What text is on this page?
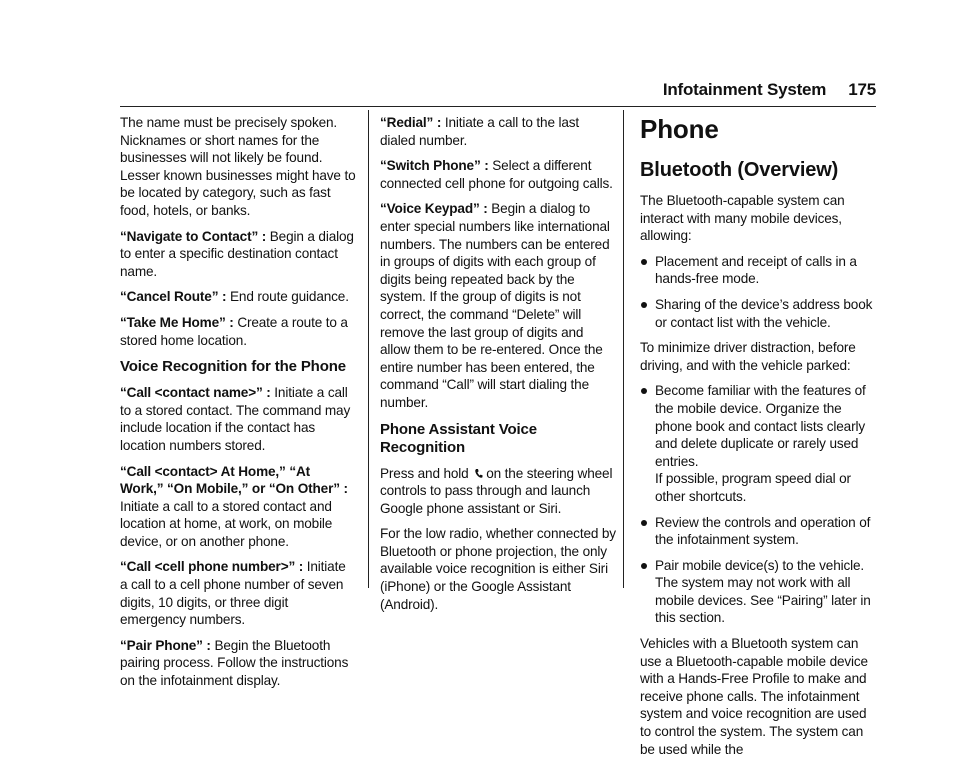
Infotainment System 175

The name must be precisely spoken. Nicknames or short names for the businesses will not likely be found. Lesser known businesses might have to be located by category, such as fast food, hotels, or banks.

“Navigate to Contact” : Begin a dialog to enter a specific destination contact name.

“Cancel Route” : End route guidance.

“Take Me Home” : Create a route to a stored home location.

Voice Recognition for the Phone

“Call <contact name>” : Initiate a call to a stored contact. The command may include location if the contact has location numbers stored.

“Call <contact> At Home,” “At Work,” “On Mobile,” or “On Other” : Initiate a call to a stored contact and location at home, at work, on mobile device, or on another phone.

“Call <cell phone number>” : Initiate a call to a cell phone number of seven digits, 10 digits, or three digit emergency numbers.

“Pair Phone” : Begin the Bluetooth pairing process. Follow the instructions on the infotainment display.

“Redial” : Initiate a call to the last dialed number.

“Switch Phone” : Select a different connected cell phone for outgoing calls.

“Voice Keypad” : Begin a dialog to enter special numbers like international numbers. The numbers can be entered in groups of digits with each group of digits being repeated back by the system. If the group of digits is not correct, the command “Delete” will remove the last group of digits and allow them to be re-entered. Once the entire number has been entered, the command “Call” will start dialing the number.

Phone Assistant Voice Recognition

Press and hold on the steering wheel controls to pass through and launch Google phone assistant or Siri.

For the low radio, whether connected by Bluetooth or phone projection, the only available voice recognition is either Siri (iPhone) or the Google Assistant (Android).

Phone
Bluetooth (Overview)

The Bluetooth-capable system can interact with many mobile devices, allowing:

Placement and receipt of calls in a hands-free mode.
Sharing of the device’s address book or contact list with the vehicle.

To minimize driver distraction, before driving, and with the vehicle parked:

Become familiar with the features of the mobile device. Organize the phone book and contact lists clearly and delete duplicate or rarely used entries.
If possible, program speed dial or other shortcuts.
Review the controls and operation of the infotainment system.
Pair mobile device(s) to the vehicle. The system may not work with all mobile devices. See “Pairing” later in this section.

Vehicles with a Bluetooth system can use a Bluetooth-capable mobile device with a Hands-Free Profile to make and receive phone calls. The infotainment system and voice recognition are used to control the system. The system can be used while the
